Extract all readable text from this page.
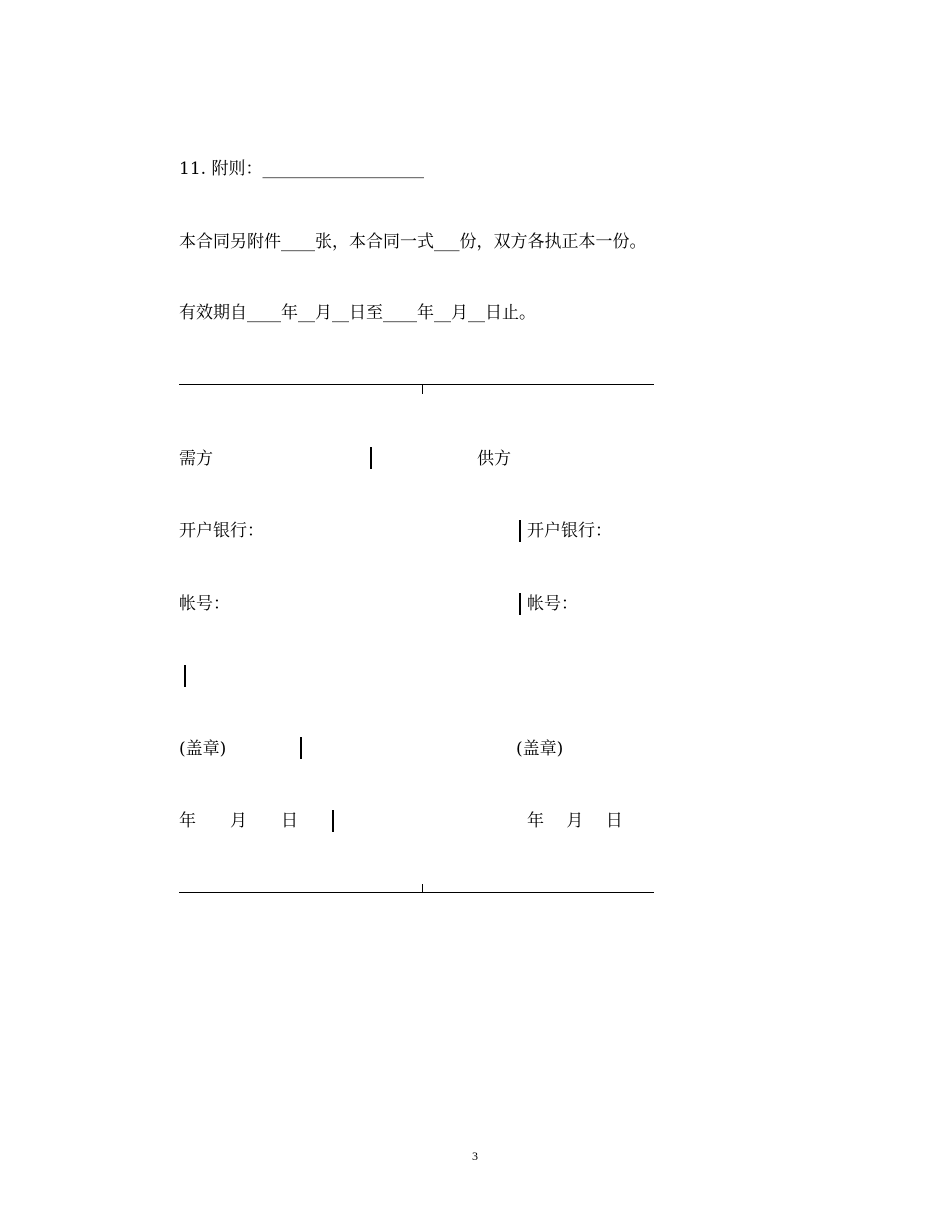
11. 附则：___________________
本合同另附件____张，本合同一式___份，双方各执正本一份。
有效期自____年__月__日至____年__月__日止。
需方	供方
开户银行：	开户银行：
帐号：	帐号：
(盖章)	(盖章)
年　　月　　日	年　 月　 日
3
